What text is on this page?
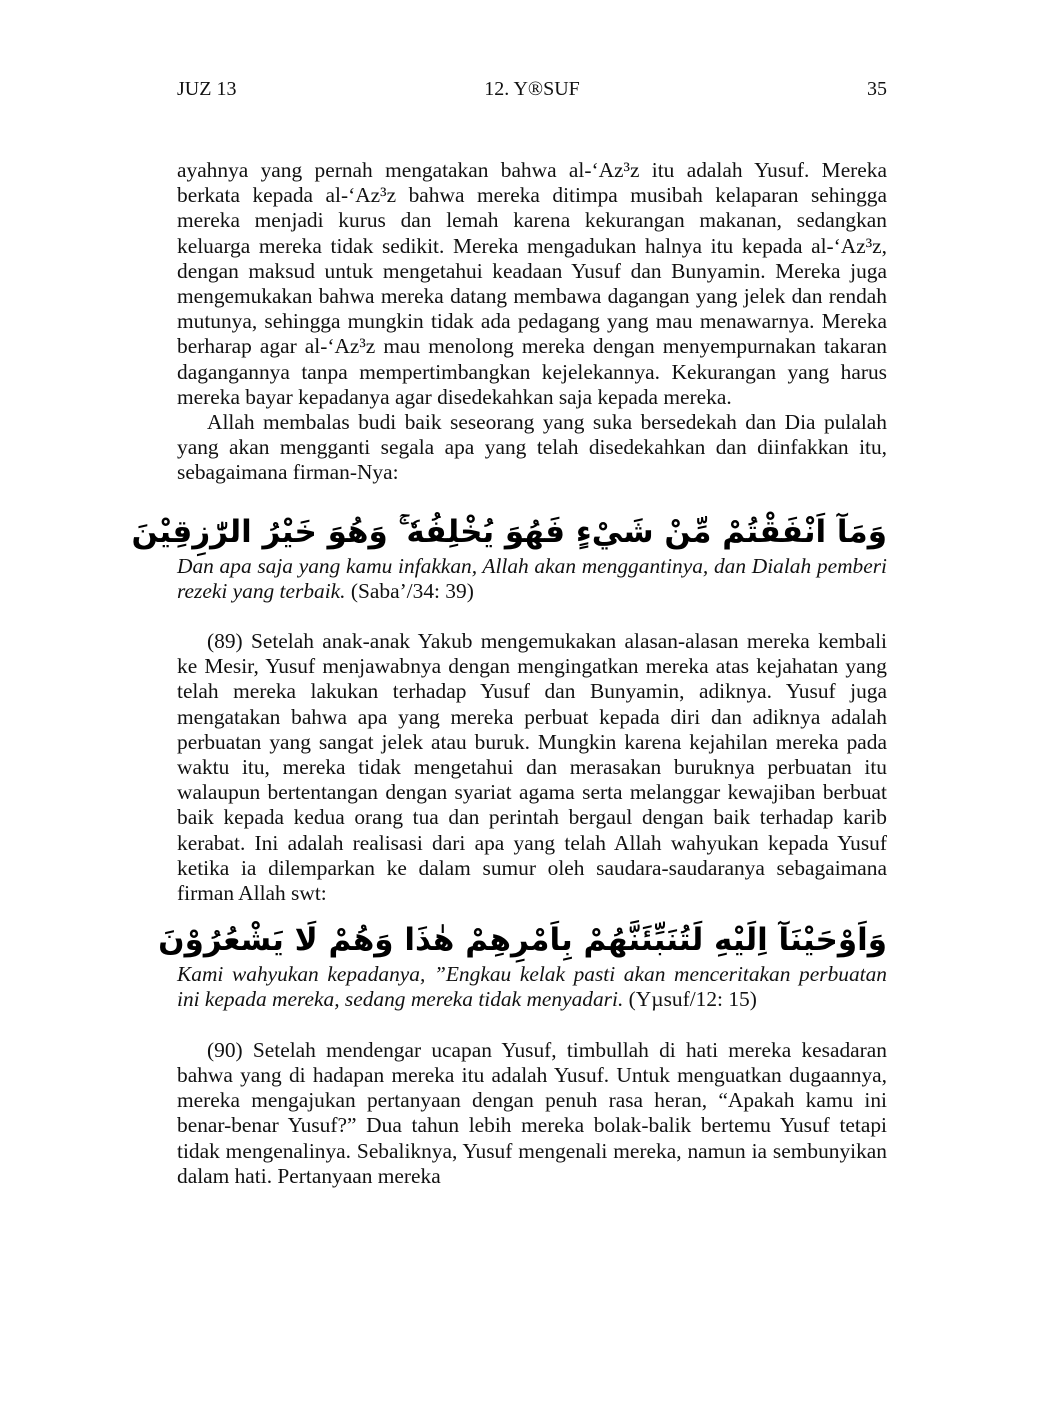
JUZ 13	12. Y®SUF	35

ayahnya yang pernah mengatakan bahwa al-‘Az³z itu adalah Yusuf. Mereka berkata kepada al-‘Az³z bahwa mereka ditimpa musibah kelaparan sehingga mereka menjadi kurus dan lemah karena kekurangan makanan, sedangkan keluarga mereka tidak sedikit. Mereka mengadukan halnya itu kepada al-‘Az³z, dengan maksud untuk mengetahui keadaan Yusuf dan Bunyamin. Mereka juga mengemukakan bahwa mereka datang membawa dagangan yang jelek dan rendah mutunya, sehingga mungkin tidak ada pedagang yang mau menawarnya. Mereka berharap agar al-‘Az³z mau menolong mereka dengan menyempurnakan takaran dagangannya tanpa mempertimbangkan kejelekannya. Kekurangan yang harus mereka bayar kepadanya agar disedekahkan saja kepada mereka.

Allah membalas budi baik seseorang yang suka bersedekah dan Dia pulalah yang akan mengganti segala apa yang telah disedekahkan dan diinfakkan itu, sebagaimana firman-Nya:

وَمَآ اَنْفَقْتُمْ مِّنْ شَيْءٍ فَهُوَ يُخْلِفُهٗ ۚ وَهُوَ خَيْرُ الرّٰزِقِيْنَ

Dan apa saja yang kamu infakkan, Allah akan menggantinya, dan Dialah pemberi rezeki yang terbaik. (Saba’/34: 39)

(89) Setelah anak-anak Yakub mengemukakan alasan-alasan mereka kembali ke Mesir, Yusuf menjawabnya dengan mengingatkan mereka atas kejahatan yang telah mereka lakukan terhadap Yusuf dan Bunyamin, adiknya. Yusuf juga mengatakan bahwa apa yang mereka perbuat kepada diri dan adiknya adalah perbuatan yang sangat jelek atau buruk. Mungkin karena kejahilan mereka pada waktu itu, mereka tidak mengetahui dan merasakan buruknya perbuatan itu walaupun bertentangan dengan syariat agama serta melanggar kewajiban berbuat baik kepada kedua orang tua dan perintah bergaul dengan baik terhadap karib kerabat. Ini adalah realisasi dari apa yang telah Allah wahyukan kepada Yusuf ketika ia dilemparkan ke dalam sumur oleh saudara-saudaranya sebagaimana firman Allah swt:

وَاَوْحَيْنَآ اِلَيْهِ لَتُنَبِّئَنَّهُمْ بِاَمْرِهِمْ هٰذَا وَهُمْ لَا يَشْعُرُوْنَ

Kami wahyukan kepadanya, ”Engkau kelak pasti akan menceritakan perbuatan ini kepada mereka, sedang mereka tidak menyadari. (Yµsuf/12: 15)

(90) Setelah mendengar ucapan Yusuf, timbullah di hati mereka kesadaran bahwa yang di hadapan mereka itu adalah Yusuf. Untuk menguatkan dugaannya, mereka mengajukan pertanyaan dengan penuh rasa heran, “Apakah kamu ini benar-benar Yusuf?” Dua tahun lebih mereka bolak-balik bertemu Yusuf tetapi tidak mengenalinya. Sebaliknya, Yusuf mengenali mereka, namun ia sembunyikan dalam hati. Pertanyaan mereka
